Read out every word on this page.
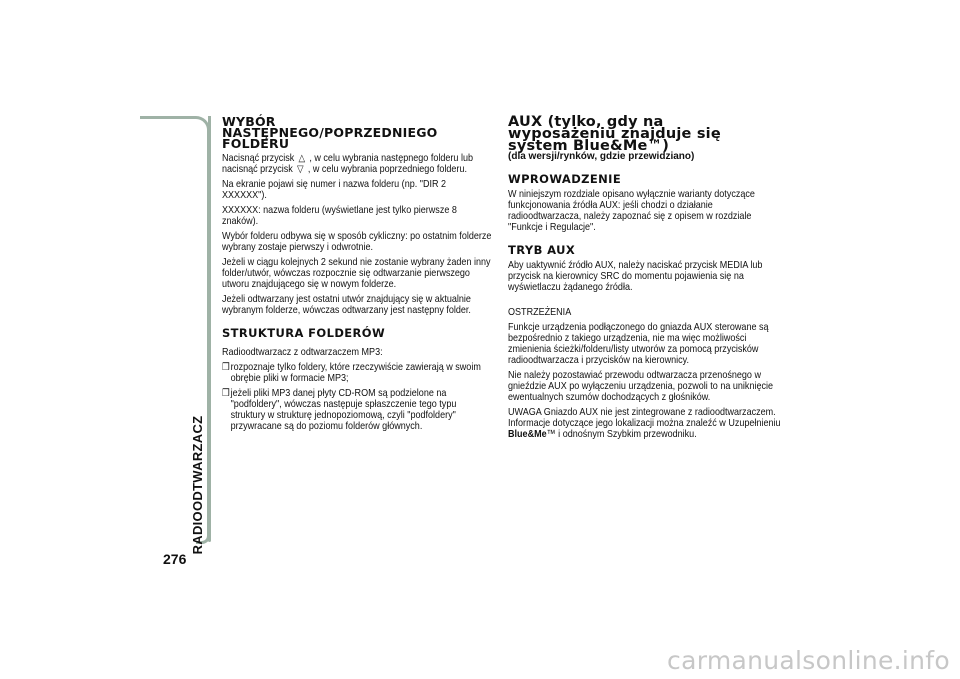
RADIOODTWARZACZ
276
WYBÓR
NASTĘPNEGO/POPRZEDNIEGO
FOLDERU
Nacisnąć przycisk △ , w celu wybrania następnego folderu lub nacisnąć przycisk ▽ , w celu wybrania poprzedniego folderu.
Na ekranie pojawi się numer i nazwa folderu (np. "DIR 2 XXXXXX").
XXXXXX: nazwa folderu (wyświetlane jest tylko pierwsze 8 znaków).
Wybór folderu odbywa się w sposób cykliczny: po ostatnim folderze wybrany zostaje pierwszy i odwrotnie.
Jeżeli w ciągu kolejnych 2 sekund nie zostanie wybrany żaden inny folder/utwór, wówczas rozpocznie się odtwarzanie pierwszego utworu znajdującego się w nowym folderze.
Jeżeli odtwarzany jest ostatni utwór znajdujący się w aktualnie wybranym folderze, wówczas odtwarzany jest następny folder.
STRUKTURA FOLDERÓW
Radioodtwarzacz z odtwarzaczem MP3:
❒ rozpoznaje tylko foldery, które rzeczywiście zawierają w swoim obrębie pliki w formacie MP3;
❒ jeżeli pliki MP3 danej płyty CD-ROM są podzielone na "podfoldery", wówczas następuje spłaszczenie tego typu struktury w strukturę jednopoziomową, czyli "podfoldery" przywracane są do poziomu folderów głównych.
AUX (tylko, gdy na
wyposażeniu znajduje się
system Blue&Me™)
(dla wersji/rynków, gdzie przewidziano)
WPROWADZENIE
W niniejszym rozdziale opisano wyłącznie warianty dotyczące funkcjonowania źródła AUX: jeśli chodzi o działanie radioodtwarzacza, należy zapoznać się z opisem w rozdziale "Funkcje i Regulacje".
TRYB AUX
Aby uaktywnić źródło AUX, należy naciskać przycisk MEDIA lub przycisk na kierownicy SRC do momentu pojawienia się na wyświetlaczu żądanego źródła.
OSTRZEŻENIA
Funkcje urządzenia podłączonego do gniazda AUX sterowane są bezpośrednio z takiego urządzenia, nie ma więc możliwości zmienienia ścieżki/folderu/listy utworów za pomocą przycisków radioodtwarzacza i przycisków na kierownicy.
Nie należy pozostawiać przewodu odtwarzacza przenośnego w gnieździe AUX po wyłączeniu urządzenia, pozwoli to na uniknięcie ewentualnych szumów dochodzących z głośników.
UWAGA Gniazdo AUX nie jest zintegrowane z radioodtwarzaczem. Informacje dotyczące jego lokalizacji można znaleźć w Uzupełnieniu Blue&Me™ i odnośnym Szybkim przewodniku.
carmanualsonline.info
